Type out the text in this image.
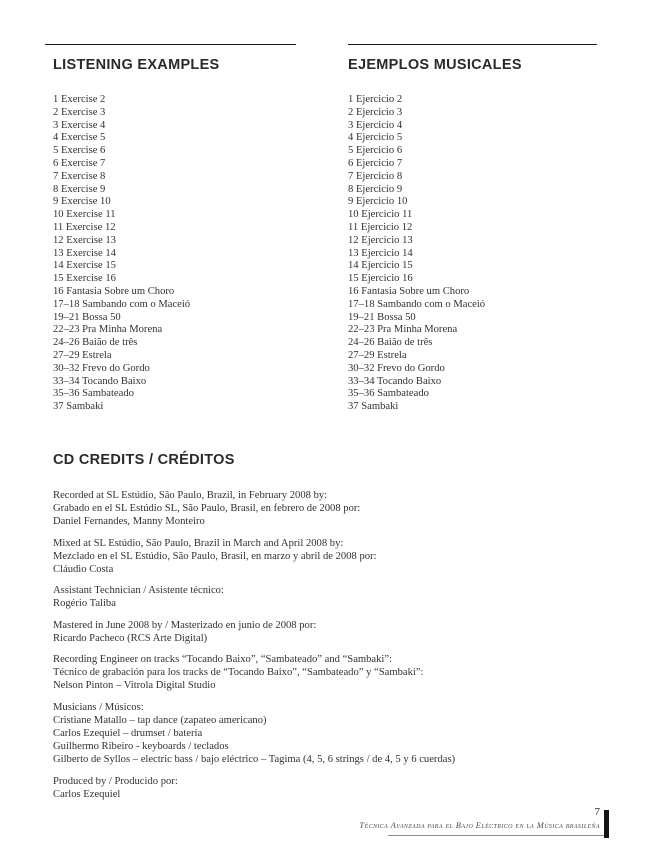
LISTENING EXAMPLES
1 Exercise 2
2 Exercise 3
3 Exercise 4
4 Exercise 5
5 Exercise 6
6 Exercise 7
7 Exercise 8
8 Exercise 9
9 Exercise 10
10 Exercise 11
11 Exercise 12
12 Exercise 13
13 Exercise 14
14 Exercise 15
15 Exercise 16
16 Fantasia Sobre um Choro
17–18 Sambando com o Maceió
19–21 Bossa 50
22–23 Pra Minha Morena
24–26 Baião de três
27–29 Estrela
30–32 Frevo do Gordo
33–34 Tocando Baixo
35–36 Sambateado
37 Sambaki
EJEMPLOS MUSICALES
1 Ejercicio 2
2 Ejercicio 3
3 Ejercicio 4
4 Ejercicio 5
5 Ejercicio 6
6 Ejercicio 7
7 Ejercicio 8
8 Ejercicio 9
9 Ejercicio 10
10 Ejercicio 11
11 Ejercicio 12
12 Ejercicio 13
13 Ejercicio 14
14 Ejercicio 15
15 Ejercicio 16
16 Fantasia Sobre um Choro
17–18 Sambando com o Maceió
19–21 Bossa 50
22–23 Pra Minha Morena
24–26 Baião de três
27–29 Estrela
30–32 Frevo do Gordo
33–34 Tocando Baixo
35–36 Sambateado
37 Sambaki
CD CREDITS / CRÉDITOS

Recorded at SL Estúdio, São Paulo, Brazil, in February 2008 by:
Grabado en el SL Estúdio SL, São Paulo, Brasil, en febrero de 2008 por:
Daniel Fernandes, Manny Monteiro

Mixed at SL Estúdio, São Paulo, Brazil in March and April 2008 by:
Mezclado en el SL Estúdio, São Paulo, Brasil, en marzo y abril de 2008 por:
Cláudio Costa

Assistant Technician / Asistente técnico:
Rogério Taliba

Mastered in June 2008 by / Masterizado en junio de 2008 por:
Ricardo Pacheco (RCS Arte Digital)

Recording Engineer on tracks “Tocando Baixo”, “Sambateado” and “Sambaki”:
Técnico de grabación para los tracks de “Tocando Baixo”, “Sambateado” y “Sambaki”:
Nelson Pinton – Vitrola Digital Studio

Musicians / Músicos:
Cristiane Matallo – tap dance (zapateo americano)
Carlos Ezequiel – drumset / batería
Guilhermo Ribeiro - keyboards / teclados
Gilberto de Syllos – electric bass / bajo eléctrico – Tagima (4, 5, 6 strings / de 4, 5 y 6 cuerdas)

Produced by / Producido por:
Carlos Ezequiel

7
Técnica Avanzada para el Bajo Eléctrico en la Música brasileña
